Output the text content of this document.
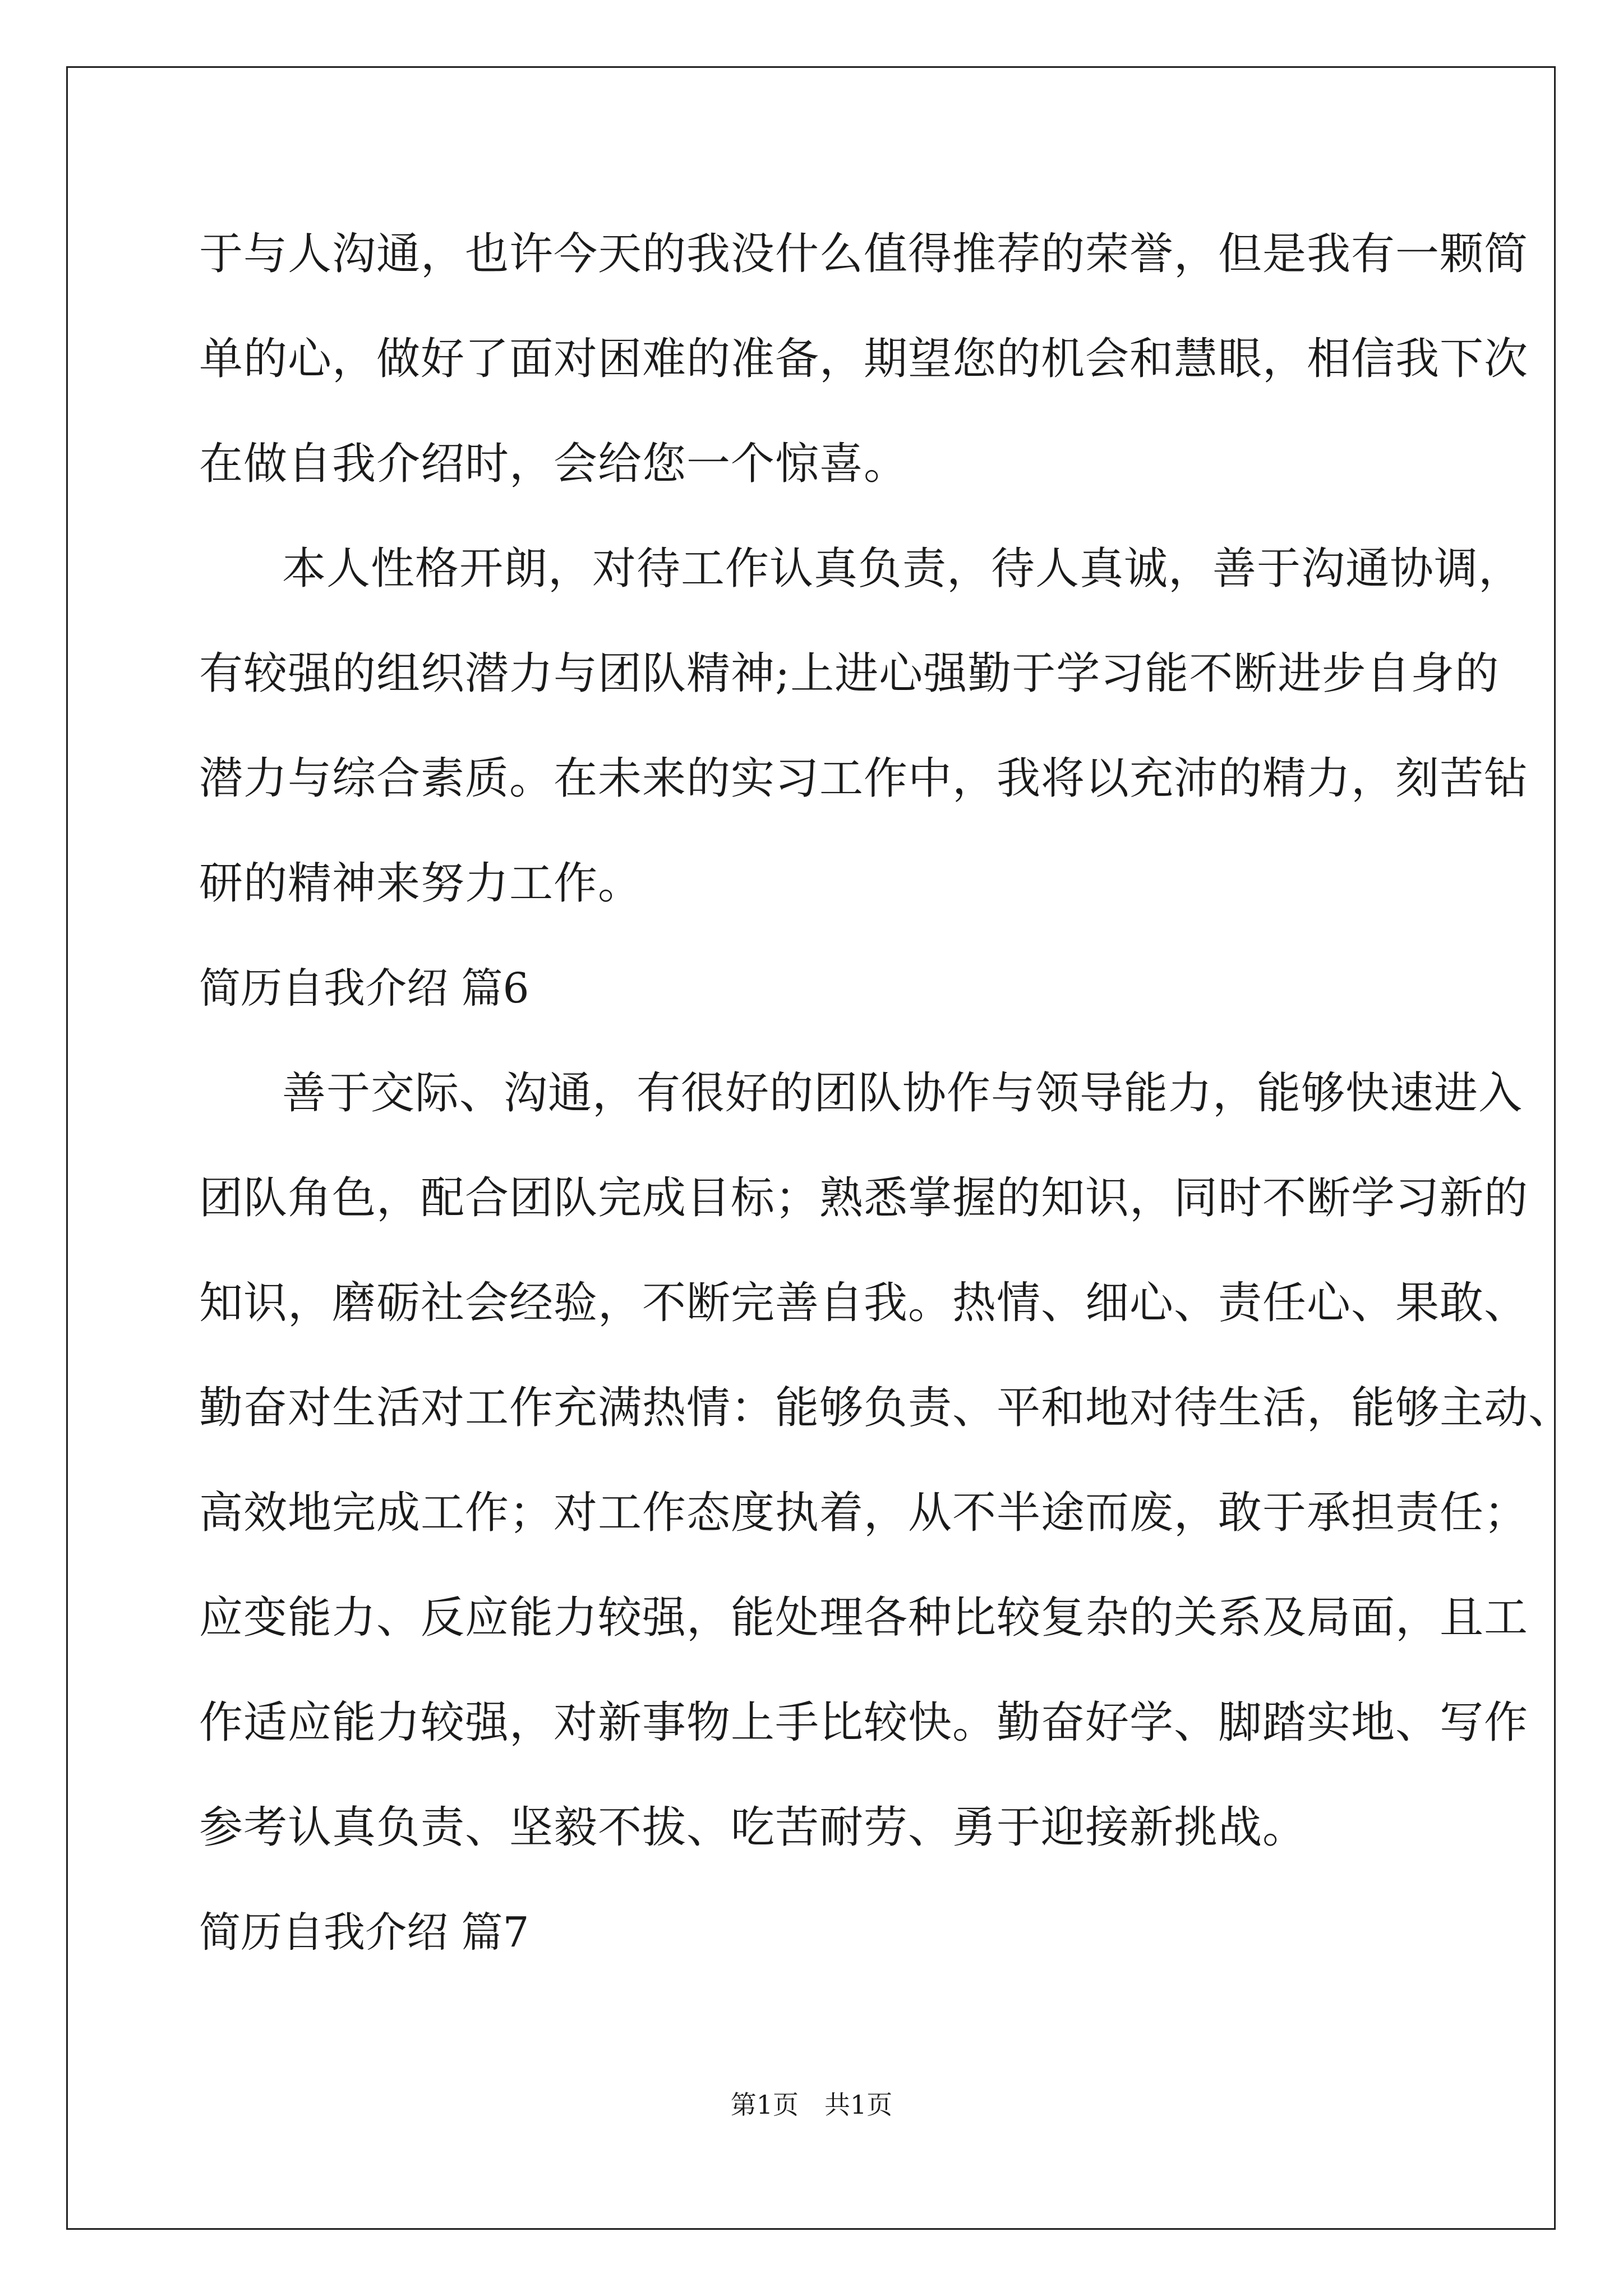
于与人沟通，也许今天的我没什么值得推荐的荣誉，但是我有一颗简
单的心，做好了面对困难的准备，期望您的机会和慧眼，相信我下次
在做自我介绍时，会给您一个惊喜。
本人性格开朗，对待工作认真负责，待人真诚，善于沟通协调，
有较强的组织潜力与团队精神;上进心强勤于学习能不断进步自身的
潜力与综合素质。在未来的实习工作中，我将以充沛的精力，刻苦钻
研的精神来努力工作。
简历自我介绍 篇6
善于交际、沟通，有很好的团队协作与领导能力，能够快速进入
团队角色，配合团队完成目标；熟悉掌握的知识，同时不断学习新的
知识，磨砺社会经验，不断完善自我。热情、细心、责任心、果敢、
勤奋对生活对工作充满热情：能够负责、平和地对待生活，能够主动、
高效地完成工作；对工作态度执着，从不半途而废，敢于承担责任；
应变能力、反应能力较强，能处理各种比较复杂的关系及局面，且工
作适应能力较强，对新事物上手比较快。勤奋好学、脚踏实地、写作
参考认真负责、坚毅不拔、吃苦耐劳、勇于迎接新挑战。
简历自我介绍 篇7
第1页　共1页
